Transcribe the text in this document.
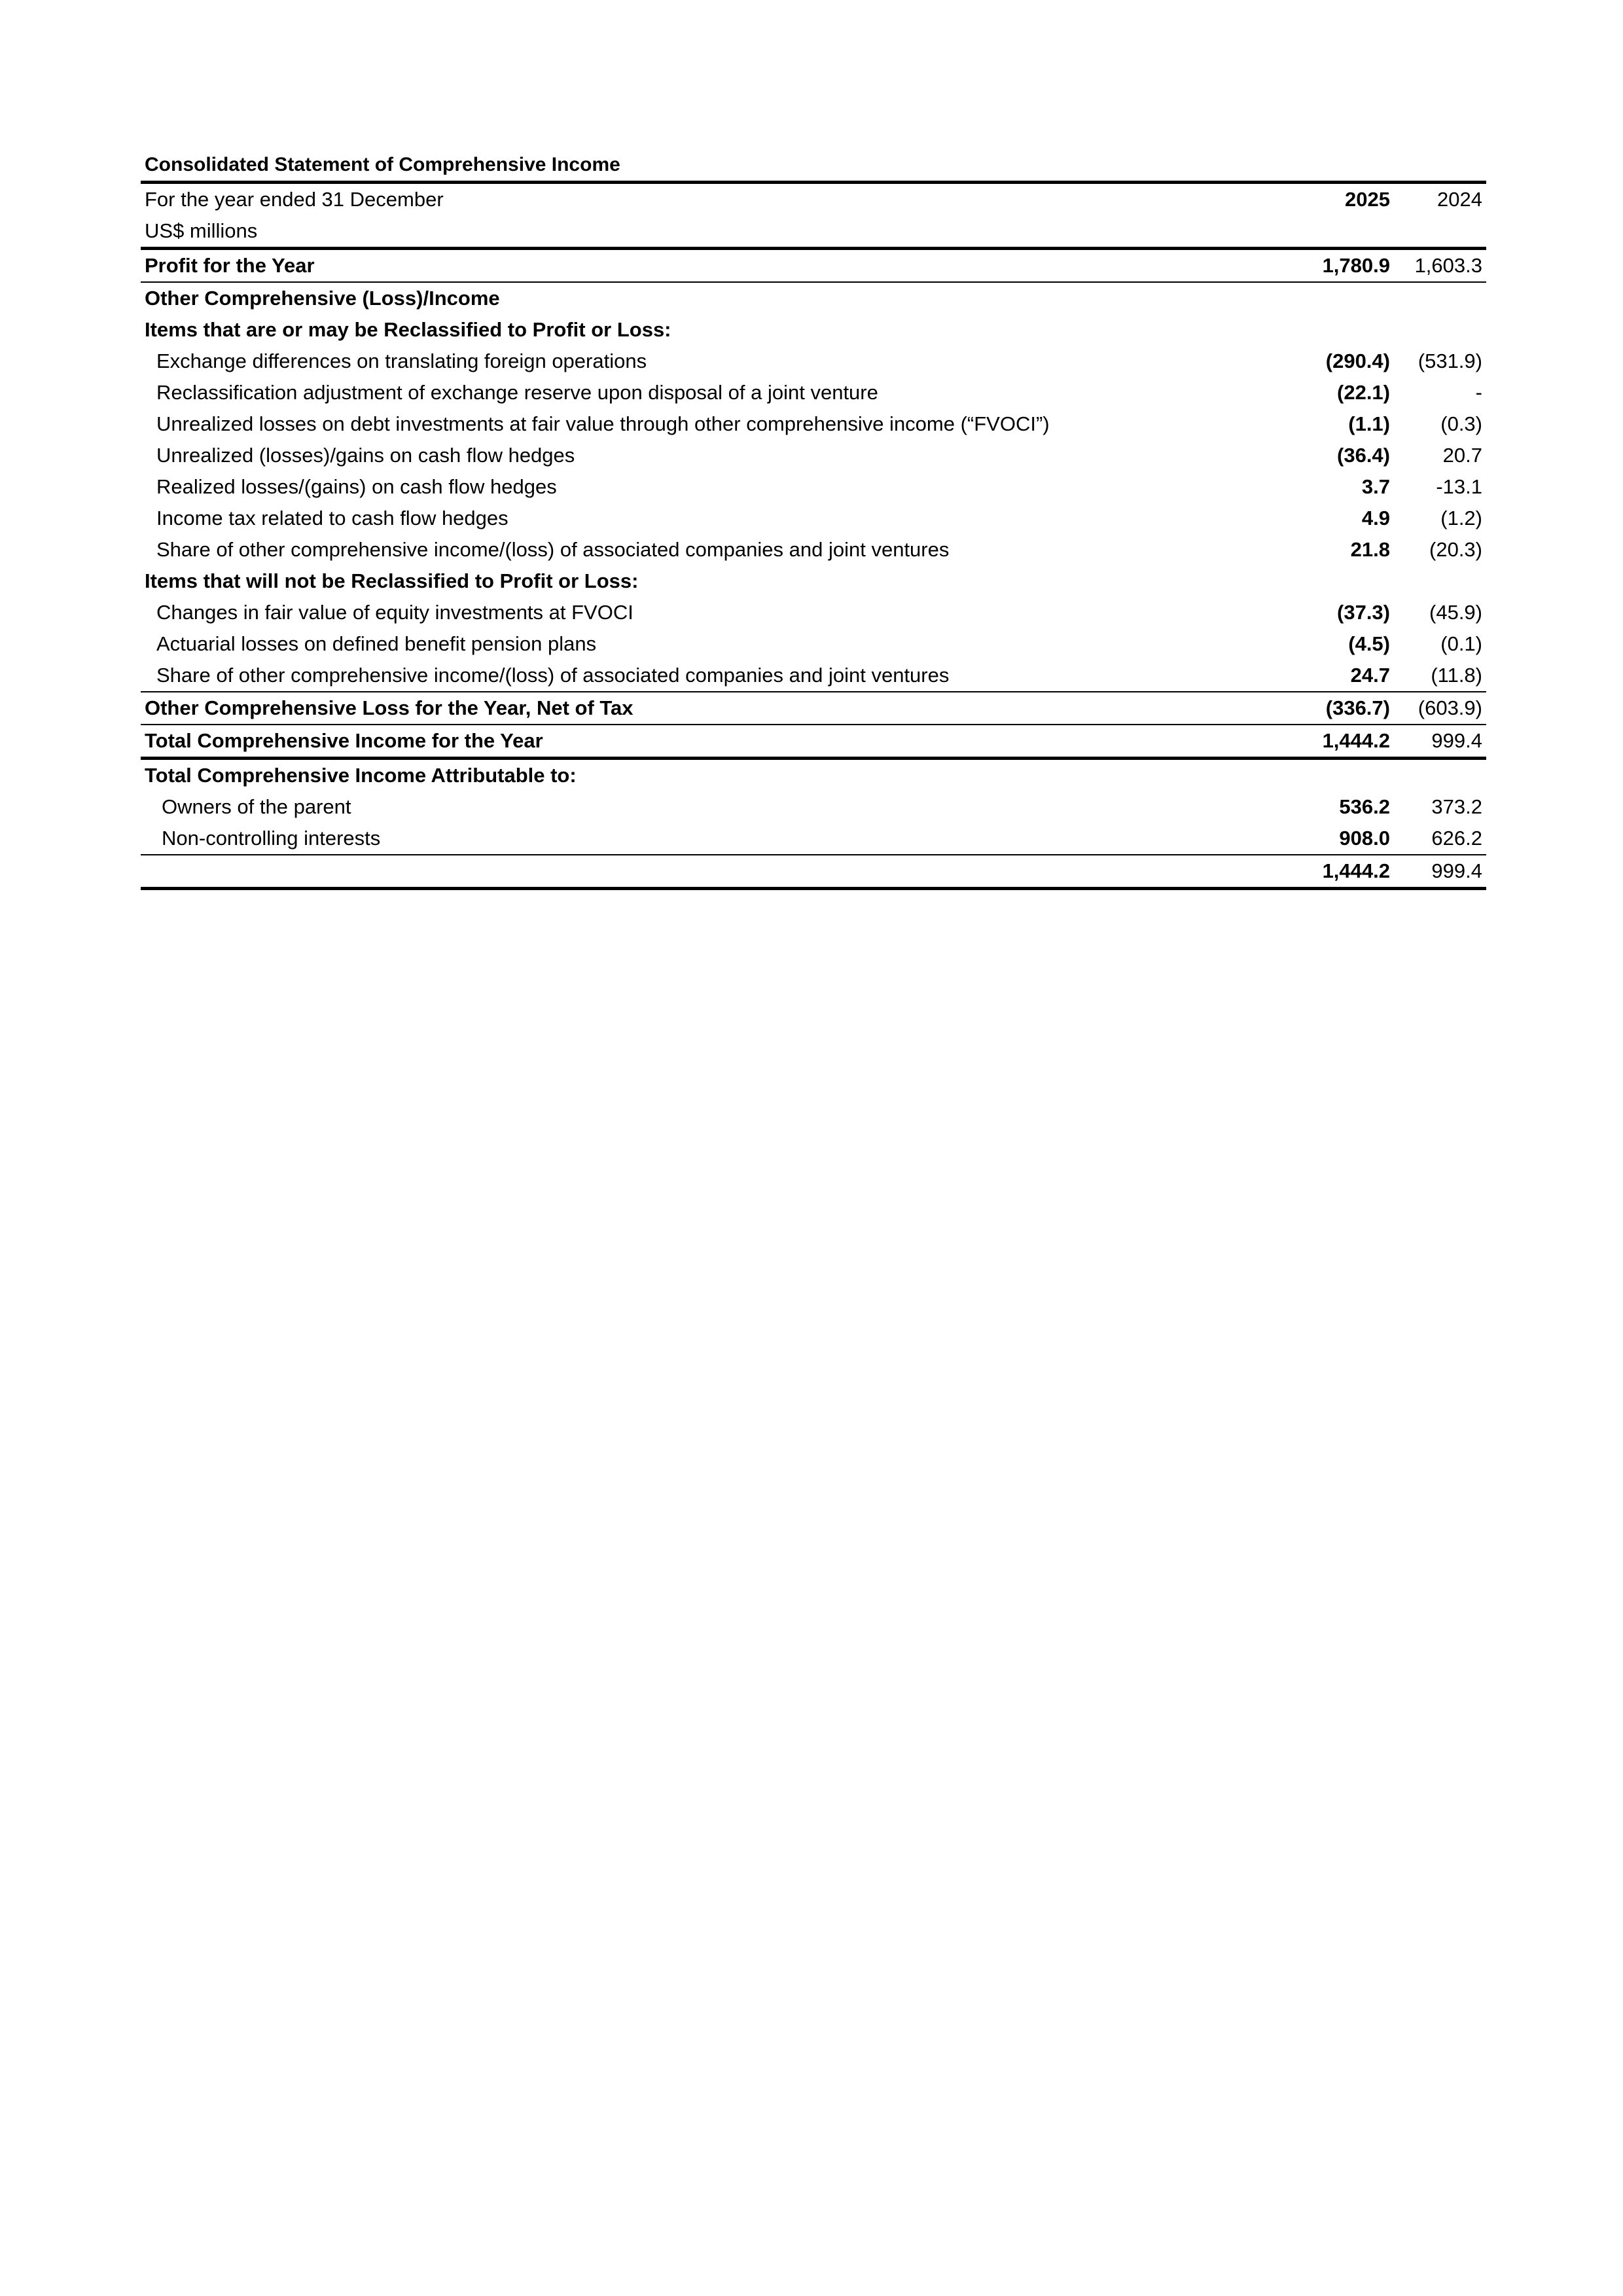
Consolidated Statement of Comprehensive Income
For the year ended 31 December	2025	2024
US$ millions		
Profit for the Year	1,780.9	1,603.3
Other Comprehensive (Loss)/Income		
Items that are or may be Reclassified to Profit or Loss:		
Exchange differences on translating foreign operations	(290.4)	(531.9)
Reclassification adjustment of exchange reserve upon disposal of a joint venture	(22.1)	-
Unrealized losses on debt investments at fair value through other comprehensive income (“FVOCI”)	(1.1)	(0.3)
Unrealized (losses)/gains on cash flow hedges	(36.4)	20.7
Realized losses/(gains) on cash flow hedges	3.7	-13.1
Income tax related to cash flow hedges	4.9	(1.2)
Share of other comprehensive income/(loss) of associated companies and joint ventures	21.8	(20.3)
Items that will not be Reclassified to Profit or Loss:		
Changes in fair value of equity investments at FVOCI	(37.3)	(45.9)
Actuarial losses on defined benefit pension plans	(4.5)	(0.1)
Share of other comprehensive income/(loss) of associated companies and joint ventures	24.7	(11.8)
Other Comprehensive Loss for the Year, Net of Tax	(336.7)	(603.9)
Total Comprehensive Income for the Year	1,444.2	999.4
Total Comprehensive Income Attributable to:		
Owners of the parent	536.2	373.2
Non-controlling interests	908.0	626.2
	1,444.2	999.4
